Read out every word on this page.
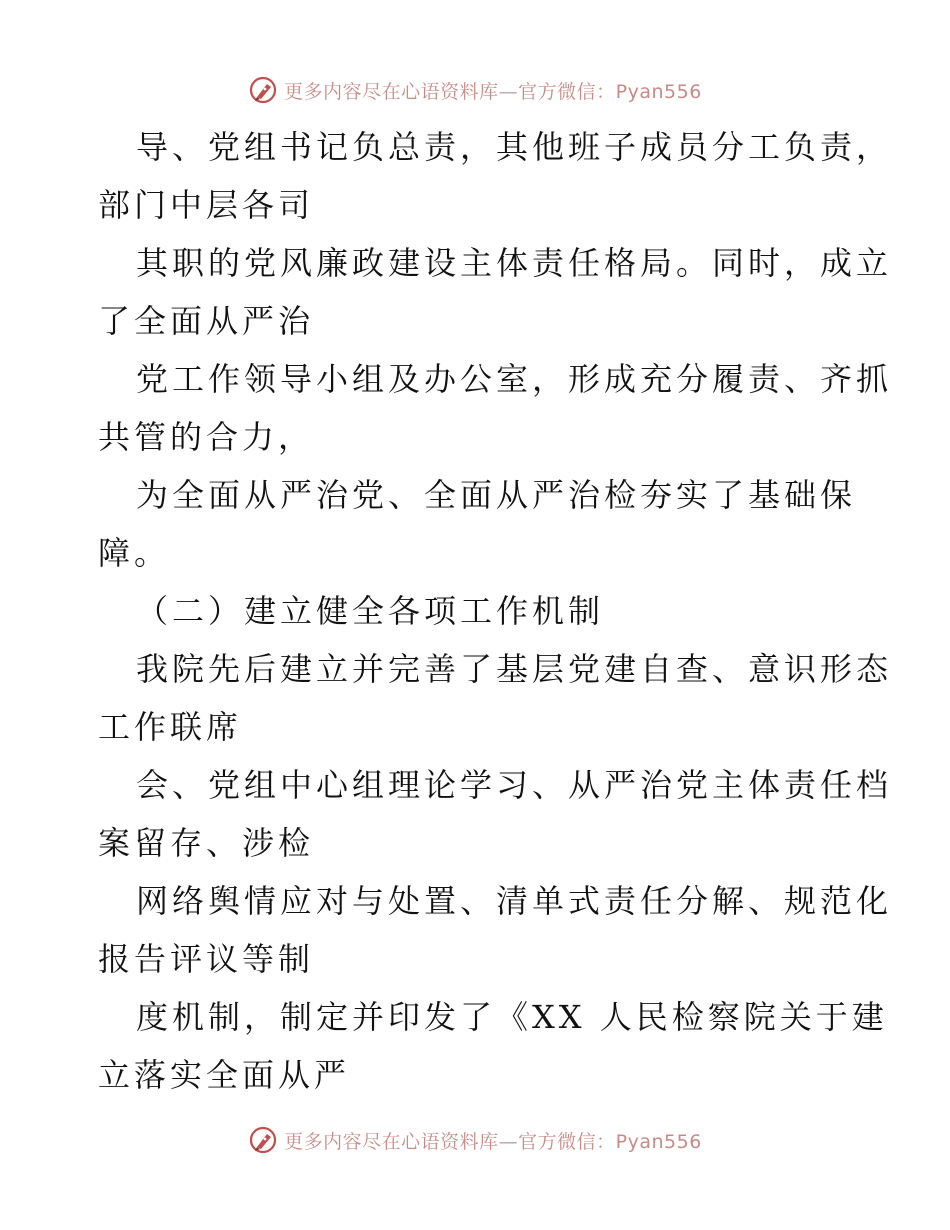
更多内容尽在心语资料库—官方微信：Pyan556
导、党组书记负总责，其他班子成员分工负责，
部门中层各司
其职的党风廉政建设主体责任格局。同时，成立
了全面从严治
党工作领导小组及办公室，形成充分履责、齐抓
共管的合力，
为全面从严治党、全面从严治检夯实了基础保
障。
（二）建立健全各项工作机制
我院先后建立并完善了基层党建自查、意识形态
工作联席
会、党组中心组理论学习、从严治党主体责任档
案留存、涉检
网络舆情应对与处置、清单式责任分解、规范化
报告评议等制
度机制，制定并印发了《XX 人民检察院关于建
立落实全面从严
更多内容尽在心语资料库—官方微信：Pyan556
